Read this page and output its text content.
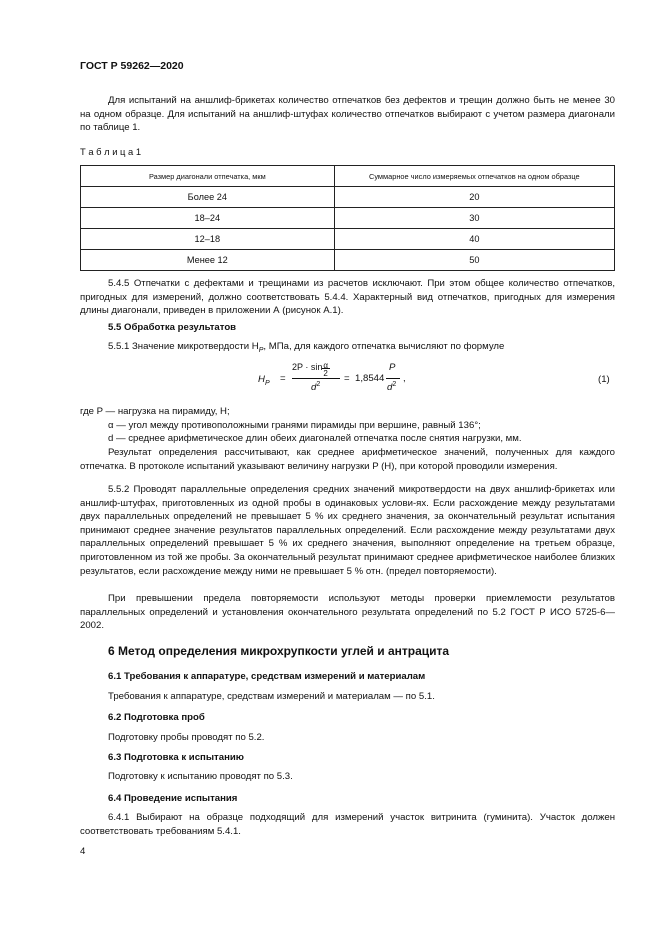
ГОСТ Р 59262—2020
Для испытаний на аншлиф-брикетах количество отпечатков без дефектов и трещин должно быть не менее 30 на одном образце. Для испытаний на аншлиф-штуфах количество отпечатков выбирают с учетом размера диагонали по таблице 1.
Т а б л и ц а 1
Размер диагонали отпечатка, мкм	Суммарное число измеряемых отпечатков на одном образце
Более 24	20
18–24	30
12–18	40
Менее 12	50
5.4.5 Отпечатки с дефектами и трещинами из расчетов исключают. При этом общее количество отпечатков, пригодных для измерений, должно соответствовать 5.4.4. Характерный вид отпечатков, пригодных для измерения длины диагонали, приведен в приложении А (рисунок А.1).
5.5 Обработка результатов
5.5.1 Значение микротвердости $H_P$, МПа, для каждого отпечатка вычисляют по формуле
$H_P$ =
2P · sin
$\frac{\alpha}{2}$
$d^2$
= 1,8544
P
$d^2$
,	(1)
где P — нагрузка на пирамиду, Н;
α — угол между противоположными гранями пирамиды при вершине, равный 136°;
d — среднее арифметическое длин обеих диагоналей отпечатка после снятия нагрузки, мм.
Результат определения рассчитывают, как среднее арифметическое значений, полученных для каждого отпечатка. В протоколе испытаний указывают величину нагрузки P (Н), при которой проводили измерения.
5.5.2 Проводят параллельные определения средних значений микротвердости на двух аншлиф-брикетах или аншлиф-штуфах, приготовленных из одной пробы в одинаковых услови-ях. Если расхождение между результатами двух параллельных определений не превышает 5 % их среднего значения, за окончательный результат испытания принимают среднее значение результатов параллельных определений. Если расхождение между результатами двух параллельных определений превышает 5 % их среднего значения, выполняют определение на третьем образце, приготовленном из той же пробы. За окончательный результат принимают среднее арифметическое наиболее близких результатов, если расхождение между ними не превышает 5 % отн. (предел повторяемости).
При превышении предела повторяемости используют методы проверки приемлемости результатов параллельных определений и установления окончательного результата определений по 5.2 ГОСТ Р ИСО 5725-6—2002.
6 Метод определения микрохрупкости углей и антрацита
6.1 Требования к аппаратуре, средствам измерений и материалам
Требования к аппаратуре, средствам измерений и материалам — по 5.1.
6.2 Подготовка проб
Подготовку пробы проводят по 5.2.
6.3 Подготовка к испытанию
Подготовку к испытанию проводят по 5.3.
6.4 Проведение испытания
6.4.1 Выбирают на образце подходящий для измерений участок витринита (гуминита). Участок должен соответствовать требованиям 5.4.1.
4
